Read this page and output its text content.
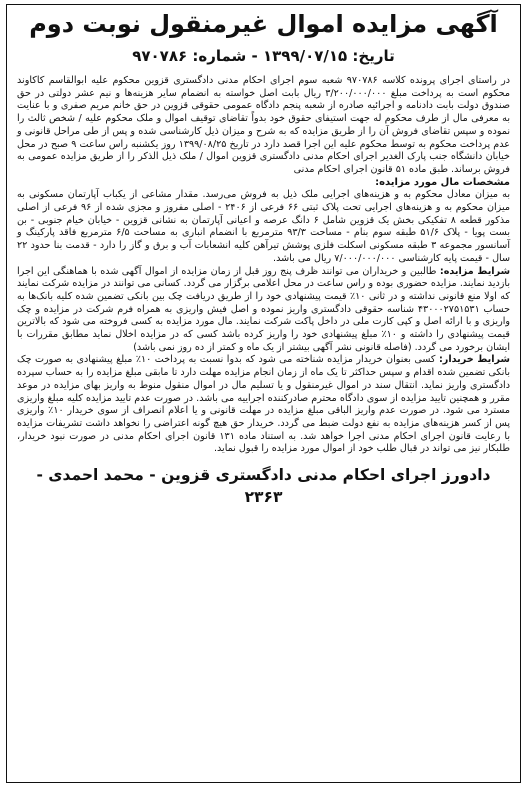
آگهی مزایده اموال غیرمنقول نوبت دوم
تاریخ: ۱۳۹۹/۰۷/۱۵ - شماره: ۹۷۰۷۸۶

در راستای اجرای پرونده کلاسه ۹۷۰۷۸۶ شعبه سوم اجرای احکام مدنی دادگستری قزوین محکوم علیه ابوالقاسم کاکاوند محکوم است به پرداخت مبلغ ۳/۲۰۰/۰۰۰/۰۰۰ ریال بابت اصل خواسته به انضمام سایر هزینه‌ها و نیم عشر دولتی در حق صندوق دولت بابت دادنامه و اجرائیه صادره از شعبه پنجم دادگاه عمومی حقوقی قزوین در حق خانم مریم صفری و با عنایت به معرفی مال از طرف محکوم له جهت استیفای حقوق خود بدواً تقاضای توقیف اموال و ملک محکوم علیه / شخص ثالث را نموده و سپس تقاضای فروش آن را از طریق مزایده که به شرح و میزان ذیل کارشناسی شده و پس از طی مراحل قانونی و عدم پرداخت محکوم به توسط محکوم علیه این اجرا قصد دارد در تاریخ ۱۳۹۹/۰۸/۲۵ روز یکشنبه راس ساعت ۹ صبح در محل خیابان دانشگاه جنب پارک الغدیر اجرای احکام مدنی دادگستری قزوین اموال / ملک ذیل الذکر را از طریق مزایده عمومی به فروش برساند. طبق ماده ۵۱ قانون اجرای احکام مدنی

مشخصات مال مورد مزایده:

به میزان معادل محکوم به و هزینه‌های اجرایی ملک ذیل به فروش می‌رسد. مقدار مشاعی از یکباب آپارتمان مسکونی به میزان محکوم به و هزینه‌های اجرایی تحت پلاک ثبتی ۶۶ فرعی از ۲۴۰۶ - اصلی مفروز و مجزی شده از ۹۶ فرعی از اصلی مذکور قطعه ۸ تفکیکی بخش یک قزوین شامل ۶ دانگ عرصه و اعیانی آپارتمان به نشانی قزوین - خیابان خیام جنوبی - بن بست پویا - پلاک ۵۱/۶ طبقه سوم بنام - مساحت ۹۳/۳ مترمربع با انضمام انباری به مساحت ۶/۵ مترمربع فاقد پارکینگ و آسانسور مجموعه ۳ طبقه مسکونی اسکلت فلزی پوشش تیرآهن کلیه انشعابات آب و برق و گاز را دارد - قدمت بنا حدود ۲۲ سال - قیمت پایه کارشناسی ۷/۰۰۰/۰۰۰/۰۰۰ ریال می باشد.

شرایط مزایده: طالبین و خریداران می توانند ظرف پنج روز قبل از زمان مزایده از اموال آگهی شده با هماهنگی این اجرا بازدید نمایند. مزایده حضوری بوده و راس ساعت در محل اعلامی برگزار می گردد. کسانی می توانند در مزایده شرکت نمایند که اولا منع قانونی نداشته و در ثانی ۱۰٪ قیمت پیشنهادی خود را از طریق دریافت چک بین بانکی تضمین شده کلیه بانک‌ها به حساب ۴۳۰۰۰۲۷۵۱۵۳۱ شناسه حقوقی دادگستری واریز نموده و اصل فیش واریزی به همراه فرم شرکت در مزایده و چک واریزی و با ارائه اصل و کپی کارت ملی در داخل پاکت شرکت نمایند. مال مورد مزایده به کسی فروخته می شود که بالاترین قیمت پیشنهادی را داشته و ۱۰٪ مبلغ پیشنهادی خود را واریز کرده باشد کسی که در مزایده اخلال نماید مطابق مقررات با ایشان برخورد می گردد. (فاصله قانونی نشر آگهی بیشتر از یک ماه و کمتر از ده روز نمی باشد)

شرایط خریدار: کسی بعنوان خریدار مزایده شناخته می شود که بدوا نسبت به پرداخت ۱۰٪ مبلغ پیشنهادی به صورت چک بانکی تضمین شده اقدام و سپس حداکثر تا یک ماه از زمان انجام مزایده مهلت دارد تا مابقی مبلغ مزایده را به حساب سپرده دادگستری واریز نماید. انتقال سند در اموال غیرمنقول و یا تسلیم مال در اموال منقول منوط به واریز بهای مزایده در موعد مقرر و همچنین تایید مزایده از سوی دادگاه محترم صادرکننده اجراییه می باشد. در صورت عدم تایید مزایده کلیه مبلغ واریزی مسترد می شود. در صورت عدم واریز الباقی مبلغ مزایده در مهلت قانونی و یا اعلام انصراف از سوی خریدار ۱۰٪ واریزی پس از کسر هزینه‌های مزایده به نفع دولت ضبط می گردد. خریدار حق هیچ گونه اعتراضی را نخواهد داشت تشریفات مزایده با رعایت قانون اجرای احکام مدنی اجرا خواهد شد. به استناد ماده ۱۳۱ قانون اجرای احکام مدنی در صورت نبود خریدار، طلبکار نیز می تواند در قبال طلب خود از اموال مورد مزایده را قبول نماید.

دادورز اجرای احکام مدنی دادگستری قزوین - محمد احمدی - ۲۳۶۳
